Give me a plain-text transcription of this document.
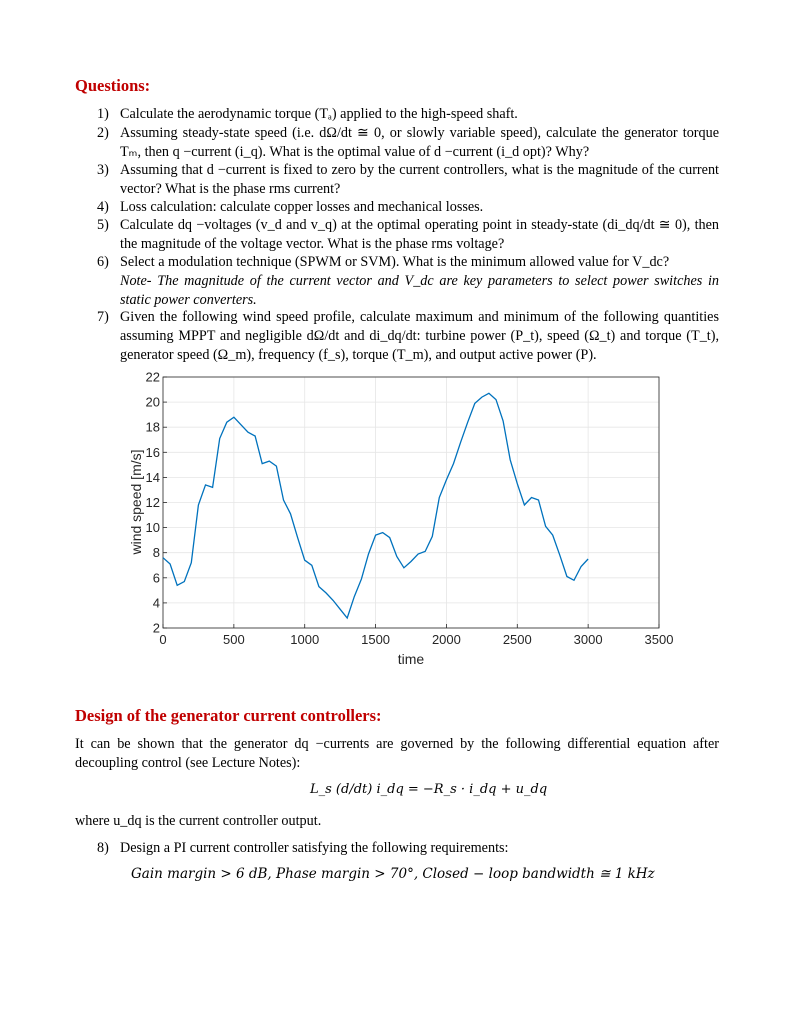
Questions:
1) Calculate the aerodynamic torque (Tₐ) applied to the high-speed shaft.
2) Assuming steady-state speed (i.e. dΩ/dt ≅ 0, or slowly variable speed), calculate the generator torque Tₘ, then q −current (i_q). What is the optimal value of d −current (i_d opt)? Why?
3) Assuming that d −current is fixed to zero by the current controllers, what is the magnitude of the current vector? What is the phase rms current?
4) Loss calculation: calculate copper losses and mechanical losses.
5) Calculate dq −voltages (v_d and v_q) at the optimal operating point in steady-state (di_dq/dt ≅ 0), then the magnitude of the voltage vector. What is the phase rms voltage?
6) Select a modulation technique (SPWM or SVM). What is the minimum allowed value for V_dc?
Note- The magnitude of the current vector and V_dc are key parameters to select power switches in static power converters.
7) Given the following wind speed profile, calculate maximum and minimum of the following quantities assuming MPPT and negligible dΩ/dt and di_dq/dt: turbine power (P_t), speed (Ω_t) and torque (T_t), generator speed (Ω_m), frequency (f_s), torque (T_m), and output active power (P).
0	500	1000	1500	2000	2500	3000	3500
2
4
6
8
10
12
14
16
18
20
22
time
wind speed [m/s]
Design of the generator current controllers:
It can be shown that the generator dq −currents are governed by the following differential equation after decoupling control (see Lecture Notes):
L_s (d/dt) i_dq = −R_s · i_dq + u_dq
where u_dq is the current controller output.
8) Design a PI current controller satisfying the following requirements:
Gain margin > 6 dB, Phase margin > 70°, Closed − loop bandwidth ≅ 1 kHz
